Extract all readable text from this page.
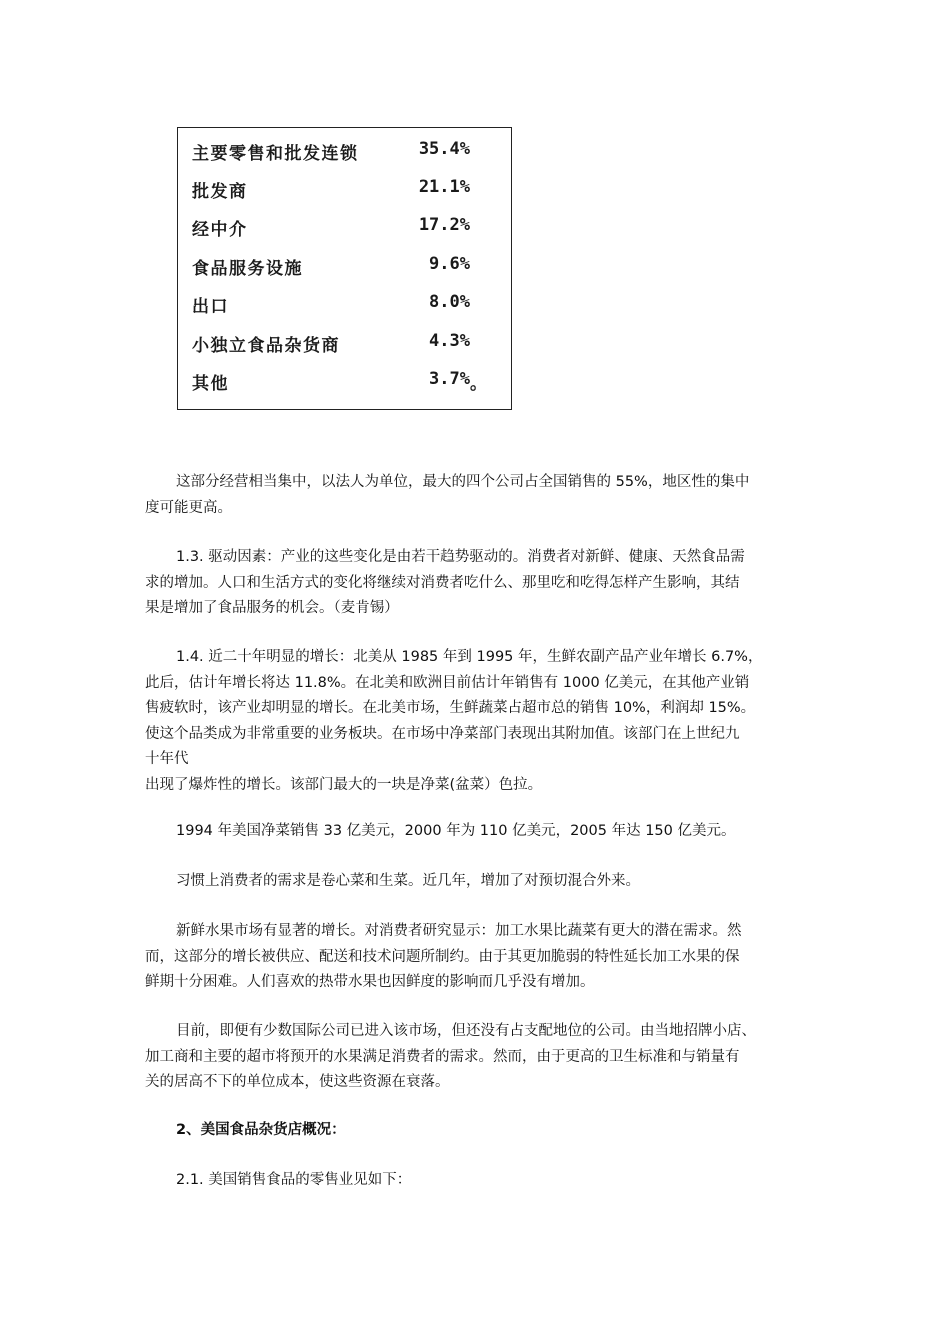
主要零售和批发连锁	35.4%
批发商	21.1%
经中介	17.2%
食品服务设施	9.6%
出口	8.0%
小独立食品杂货商	4.3%
其他	3.7% 。
这部分经营相当集中，以法人为单位，最大的四个公司占全国销售的 55%，地区性的集中
度可能更高。
1.3. 驱动因素：产业的这些变化是由若干趋势驱动的。消费者对新鲜、健康、天然食品需
求的增加。人口和生活方式的变化将继续对消费者吃什么、那里吃和吃得怎样产生影响，其结
果是增加了食品服务的机会。（麦肯锡）
1.4. 近二十年明显的增长：北美从 1985 年到 1995 年，生鲜农副产品产业年增长 6.7%，
此后，估计年增长将达 11.8%。在北美和欧洲目前估计年销售有 1000 亿美元，在其他产业销
售疲软时，该产业却明显的增长。在北美市场，生鲜蔬菜占超市总的销售 10%，利润却 15%。
使这个品类成为非常重要的业务板块。在市场中净菜部门表现出其附加值。该部门在上世纪九
十年代
出现了爆炸性的增长。该部门最大的一块是净菜(盆菜）色拉。
1994 年美国净菜销售 33 亿美元，2000 年为 110 亿美元，2005 年达 150 亿美元。
习惯上消费者的需求是卷心菜和生菜。近几年，增加了对预切混合外来。
新鲜水果市场有显著的增长。对消费者研究显示：加工水果比蔬菜有更大的潜在需求。然
而，这部分的增长被供应、配送和技术问题所制约。由于其更加脆弱的特性延长加工水果的保
鲜期十分困难。人们喜欢的热带水果也因鲜度的影响而几乎没有增加。
目前，即便有少数国际公司已进入该市场，但还没有占支配地位的公司。由当地招牌小店、
加工商和主要的超市将预开的水果满足消费者的需求。然而，由于更高的卫生标准和与销量有
关的居高不下的单位成本，使这些资源在衰落。
2、美国食品杂货店概况：
2.1. 美国销售食品的零售业见如下：
